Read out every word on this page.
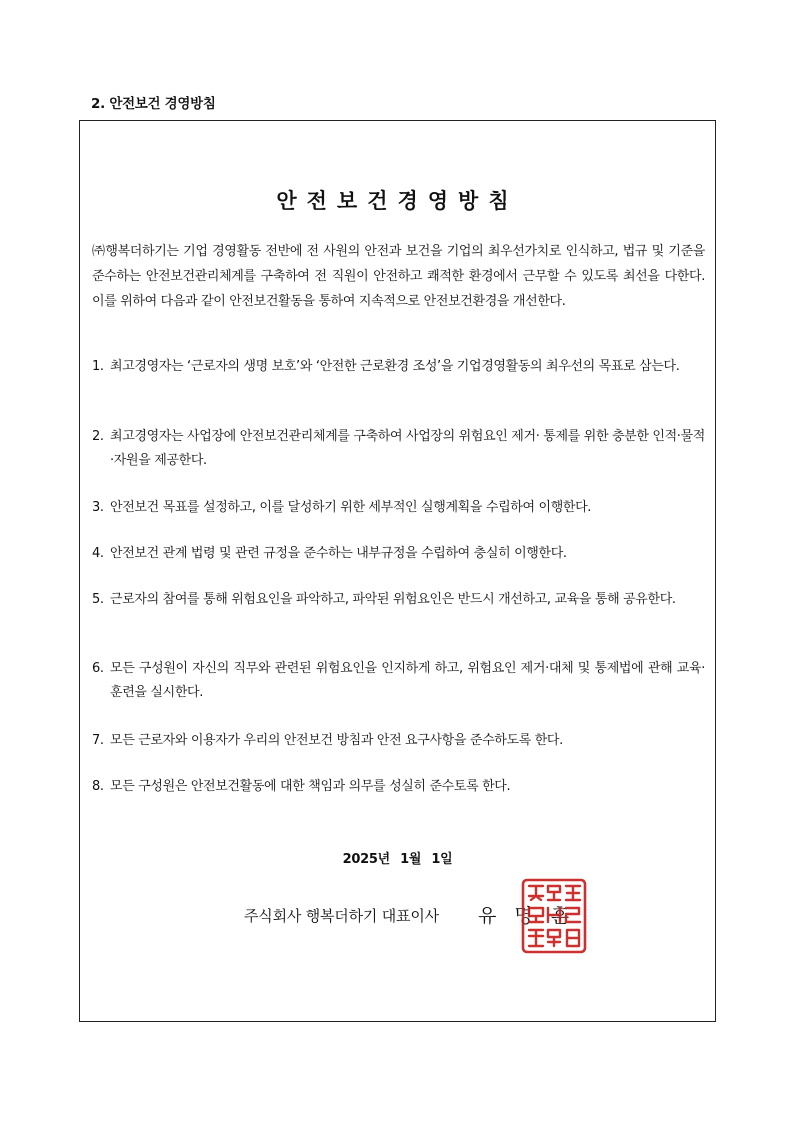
2. 안전보건 경영방침
안전보건경영방침

㈜행복더하기는 기업 경영활동 전반에 전 사원의 안전과 보건을 기업의 최우선가치로 인식하고, 법규 및 기준을 준수하는 안전보건관리체계를 구축하여 전 직원이 안전하고 쾌적한 환경에서 근무할 수 있도록 최선을 다한다. 이를 위하여 다음과 같이 안전보건활동을 통하여 지속적으로 안전보건환경을 개선한다.

1. 최고경영자는 ‘근로자의 생명 보호’와 ‘안전한 근로환경 조성’을 기업경영활동의 최우선의 목표로 삼는다.
2. 최고경영자는 사업장에 안전보건관리체계를 구축하여 사업장의 위험요인 제거· 통제를 위한 충분한 인적·물적·자원을 제공한다.
3. 안전보건 목표를 설정하고, 이를 달성하기 위한 세부적인 실행계획을 수립하여 이행한다.
4. 안전보건 관계 법령 및 관련 규정을 준수하는 내부규정을 수립하여 충실히 이행한다.
5. 근로자의 참여를 통해 위험요인을 파악하고, 파악된 위험요인은 반드시 개선하고, 교육을 통해 공유한다.
6. 모든 구성원이 자신의 직무와 관련된 위험요인을 인지하게 하고, 위험요인 제거·대체 및 통제법에 관해 교육·훈련을 실시한다.
7. 모든 근로자와 이용자가 우리의 안전보건 방침과 안전 요구사항을 준수하도록 한다.
8. 모든 구성원은 안전보건활동에 대한 책임과 의무를 성실히 준수토록 한다.
2025년 1월 1일
주식회사 행복더하기 대표이사 유 명 훈
